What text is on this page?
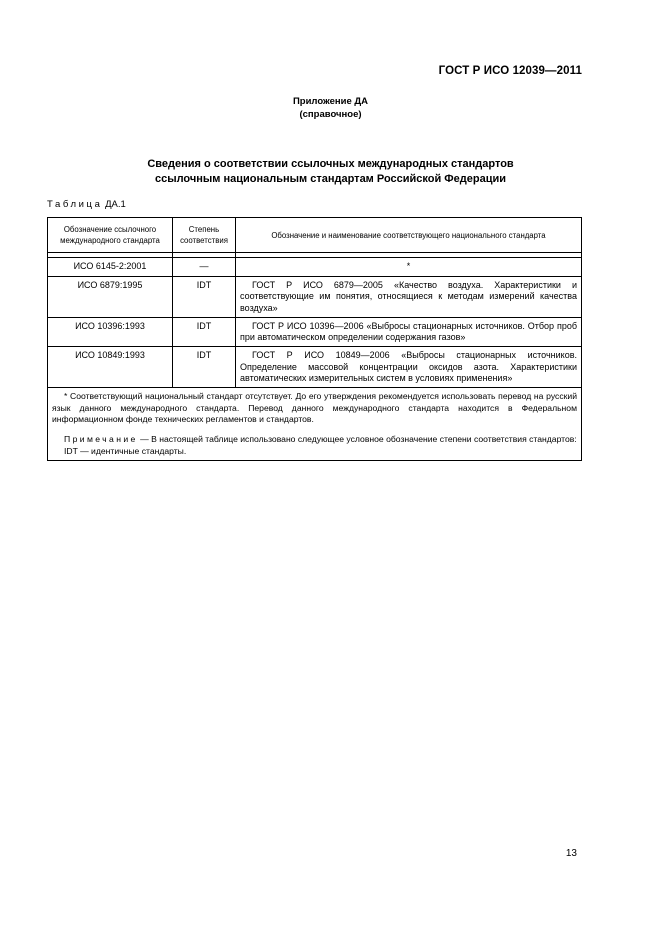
ГОСТ Р ИСО 12039—2011
Приложение ДА
(справочное)
Сведения о соответствии ссылочных международных стандартов
ссылочным национальным стандартам Российской Федерации
Таблица ДА.1
Обозначение ссылочного международного стандарта	Степень соответствия	Обозначение и наименование соответствующего национального стандарта

ИСО 6145-2:2001	—	*
ИСО 6879:1995	IDT	ГОСТ Р ИСО 6879—2005 «Качество воздуха. Характеристики и соответствующие им понятия, относящиеся к методам измерений качества воздуха»
ИСО 10396:1993	IDT	ГОСТ Р ИСО 10396—2006 «Выбросы стационарных источников. Отбор проб при автоматическом определении содержания газов»
ИСО 10849:1993	IDT	ГОСТ Р ИСО 10849—2006 «Выбросы стационарных источников. Определение массовой концентрации оксидов азота. Характеристики автоматических измерительных систем в условиях применения»

* Соответствующий национальный стандарт отсутствует. До его утверждения рекомендуется использовать перевод на русский язык данного международного стандарта. Перевод данного международного стандарта находится в Федеральном информационном фонде технических регламентов и стандартов.

Примечание — В настоящей таблице использовано следующее условное обозначение степени соответствия стандартов:

IDT — идентичные стандарты.		

13
